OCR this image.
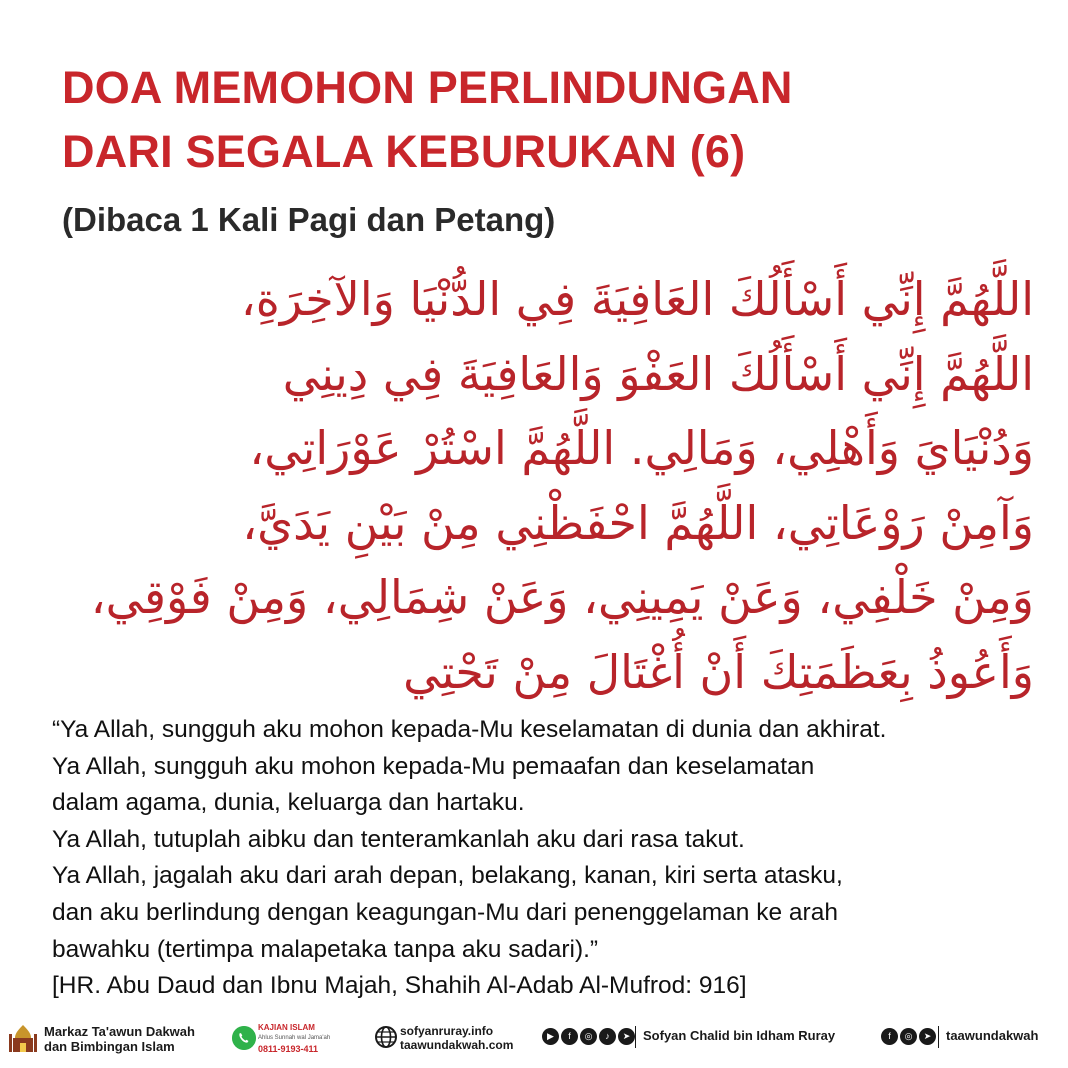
DOA MEMOHON PERLINDUNGAN
DARI SEGALA KEBURUKAN (6)
(Dibaca 1 Kali Pagi dan Petang)
اللَّهُمَّ إِنِّي أَسْأَلُكَ العَافِيَةَ فِي الدُّنْيَا وَالآخِرَةِ،
اللَّهُمَّ إِنِّي أَسْأَلُكَ العَفْوَ وَالعَافِيَةَ فِي دِينِي
وَدُنْيَايَ وَأَهْلِي، وَمَالِي. اللَّهُمَّ اسْتُرْ عَوْرَاتِي،
وَآمِنْ رَوْعَاتِي، اللَّهُمَّ احْفَظْنِي مِنْ بَيْنِ يَدَيَّ،
وَمِنْ خَلْفِي، وَعَنْ يَمِينِي، وَعَنْ شِمَالِي، وَمِنْ فَوْقِي،
وَأَعُوذُ بِعَظَمَتِكَ أَنْ أُغْتَالَ مِنْ تَحْتِي
“Ya Allah, sungguh aku mohon kepada-Mu keselamatan di dunia dan akhirat.
Ya Allah, sungguh aku mohon kepada-Mu pemaafan dan keselamatan
dalam agama, dunia, keluarga dan hartaku.
Ya Allah, tutuplah aibku dan tenteramkanlah aku dari rasa takut.
Ya Allah, jagalah aku dari arah depan, belakang, kanan, kiri serta atasku,
dan aku berlindung dengan keagungan-Mu dari penenggelaman ke arah
bawahku (tertimpa malapetaka tanpa aku sadari).”
[HR. Abu Daud dan Ibnu Majah, Shahih Al-Adab Al-Mufrod: 916]
Markaz Ta'awun Dakwah
dan Bimbingan Islam
KAJIAN ISLAM
Ahlus Sunnah wal Jama'ah
0811-9193-411
sofyanruray.info
taawundakwah.com
▶	f	◎	♪	➤ Sofyan Chalid bin Idham Ruray	f	◎	➤	taawundakwah
